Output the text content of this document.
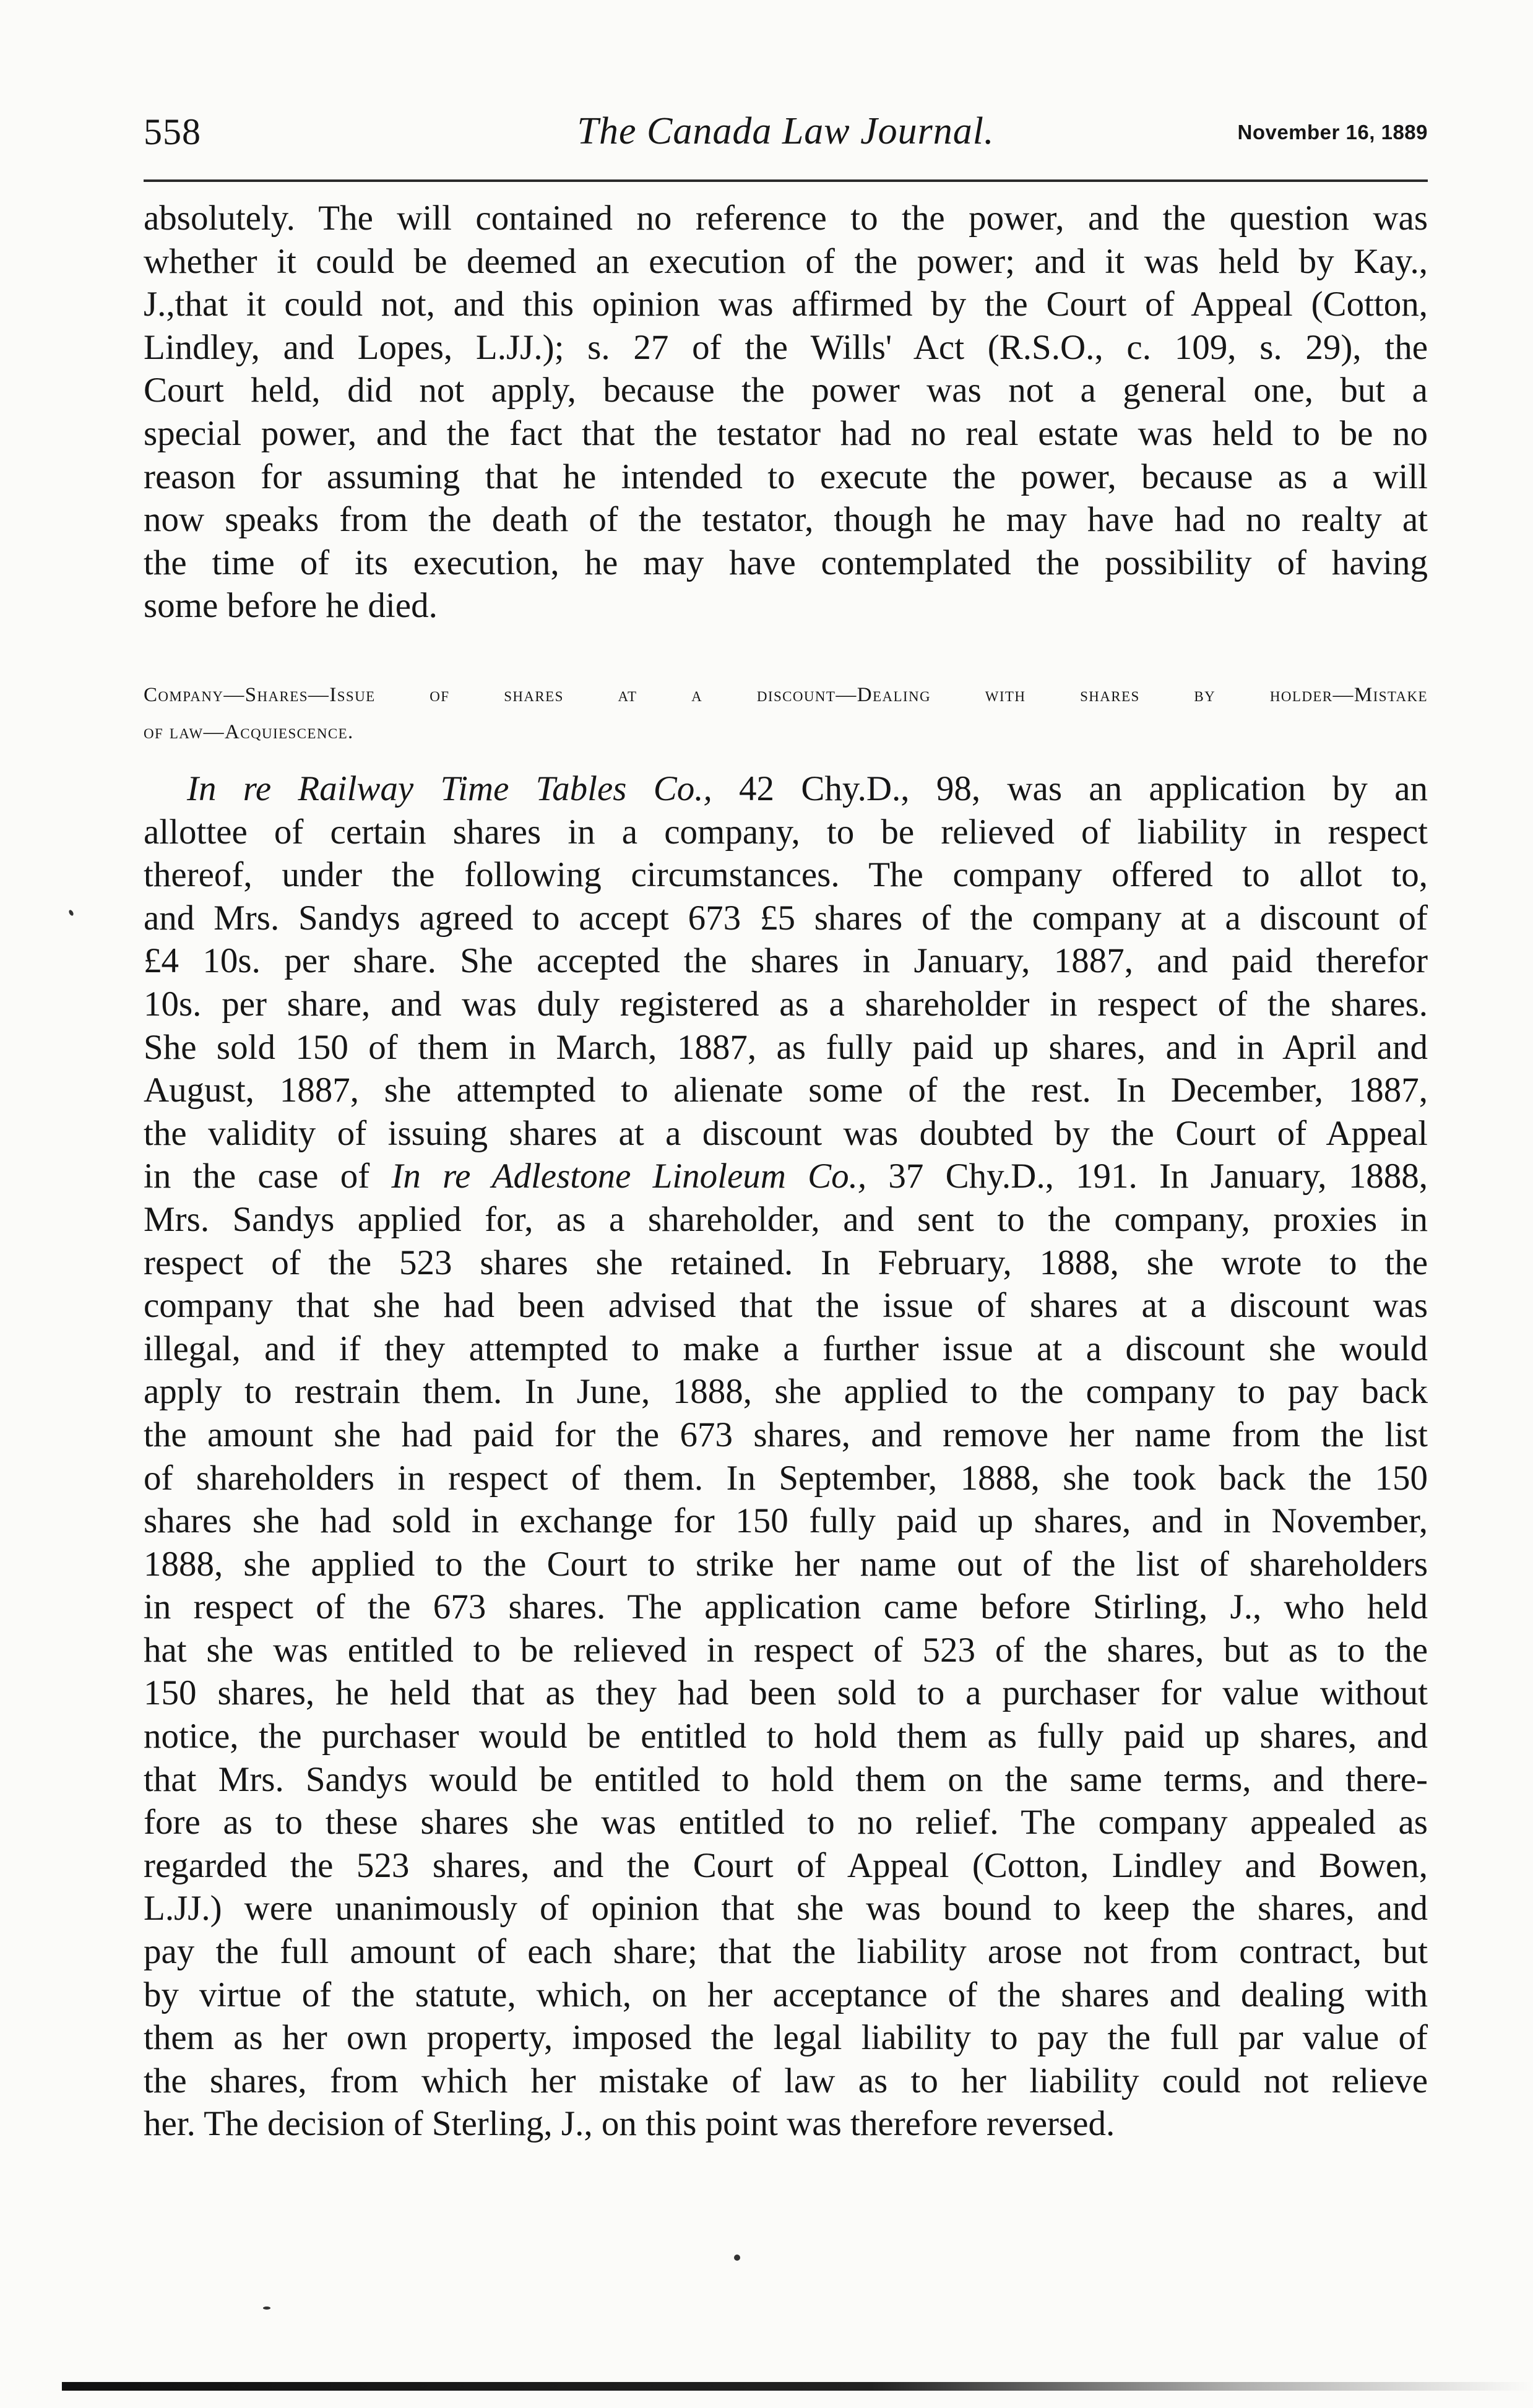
558	The Canada Law Journal.	November 16, 1889
absolutely. The will contained no reference to the power, and the question was
whether it could be deemed an execution of the power; and it was held by Kay.,
J.,that it could not, and this opinion was affirmed by the Court of Appeal (Cotton,
Lindley, and Lopes, L.JJ.); s. 27 of the Wills' Act (R.S.O., c. 109, s. 29), the
Court held, did not apply, because the power was not a general one, but a
special power, and the fact that the testator had no real estate was held to be no
reason for assuming that he intended to execute the power, because as a will
now speaks from the death of the testator, though he may have had no realty at
the time of its execution, he may have contemplated the possibility of having
some before he died.
Company—Shares—Issue of shares at a discount—Dealing with shares by holder—Mistake
of law—Acquiescence.
In re Railway Time Tables Co., 42 Chy.D., 98, was an application by an
allottee of certain shares in a company, to be relieved of liability in respect
thereof, under the following circumstances. The company offered to allot to,
and Mrs. Sandys agreed to accept 673 £5 shares of the company at a discount of
£4 10s. per share. She accepted the shares in January, 1887, and paid therefor
10s. per share, and was duly registered as a shareholder in respect of the shares.
She sold 150 of them in March, 1887, as fully paid up shares, and in April and
August, 1887, she attempted to alienate some of the rest. In December, 1887,
the validity of issuing shares at a discount was doubted by the Court of Appeal
in the case of In re Adlestone Linoleum Co., 37 Chy.D., 191. In January, 1888,
Mrs. Sandys applied for, as a shareholder, and sent to the company, proxies in
respect of the 523 shares she retained. In February, 1888, she wrote to the
company that she had been advised that the issue of shares at a discount was
illegal, and if they attempted to make a further issue at a discount she would
apply to restrain them. In June, 1888, she applied to the company to pay back
the amount she had paid for the 673 shares, and remove her name from the list
of shareholders in respect of them. In September, 1888, she took back the 150
shares she had sold in exchange for 150 fully paid up shares, and in November,
1888, she applied to the Court to strike her name out of the list of shareholders
in respect of the 673 shares. The application came before Stirling, J., who held
hat she was entitled to be relieved in respect of 523 of the shares, but as to the
150 shares, he held that as they had been sold to a purchaser for value without
notice, the purchaser would be entitled to hold them as fully paid up shares, and
that Mrs. Sandys would be entitled to hold them on the same terms, and there-
fore as to these shares she was entitled to no relief. The company appealed as
regarded the 523 shares, and the Court of Appeal (Cotton, Lindley and Bowen,
L.JJ.) were unanimously of opinion that she was bound to keep the shares, and
pay the full amount of each share; that the liability arose not from contract, but
by virtue of the statute, which, on her acceptance of the shares and dealing with
them as her own property, imposed the legal liability to pay the full par value of
the shares, from which her mistake of law as to her liability could not relieve
her. The decision of Sterling, J., on this point was therefore reversed.
